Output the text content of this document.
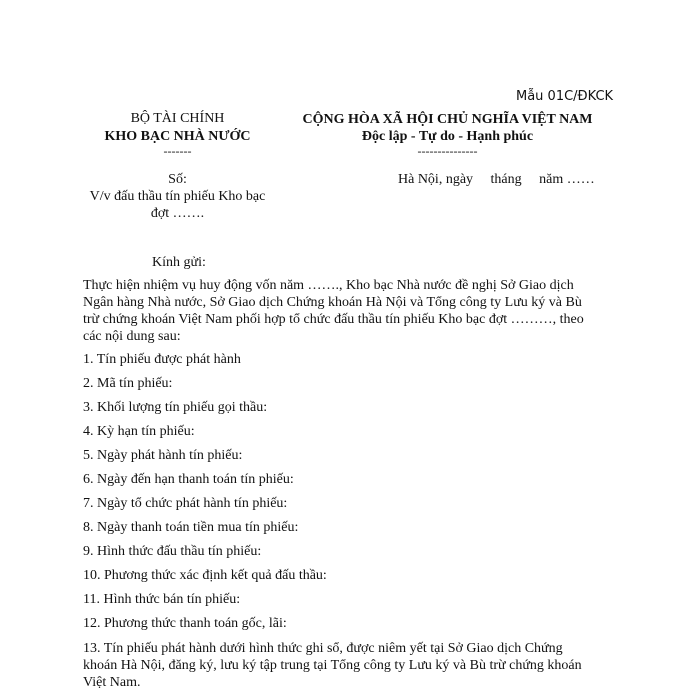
Mẫu 01C/ĐKCK
BỘ TÀI CHÍNH
KHO BẠC NHÀ NƯỚC
-------
Số:
V/v đấu thầu tín phiếu Kho bạc
đợt …….
CỘNG HÒA XÃ HỘI CHỦ NGHĨA VIỆT NAM
Độc lập - Tự do - Hạnh phúc
---------------
Hà Nội, ngày     tháng     năm ……
Kính gửi:
Thực hiện nhiệm vụ huy động vốn năm ……., Kho bạc Nhà nước đề nghị Sở Giao dịch
Ngân hàng Nhà nước, Sở Giao dịch Chứng khoán Hà Nội và Tổng công ty Lưu ký và Bù
trừ chứng khoán Việt Nam phối hợp tổ chức đấu thầu tín phiếu Kho bạc đợt ………, theo
các nội dung sau:
1. Tín phiếu được phát hành
2. Mã tín phiếu:
3. Khối lượng tín phiếu gọi thầu:
4. Kỳ hạn tín phiếu:
5. Ngày phát hành tín phiếu:
6. Ngày đến hạn thanh toán tín phiếu:
7. Ngày tổ chức phát hành tín phiếu:
8. Ngày thanh toán tiền mua tín phiếu:
9. Hình thức đấu thầu tín phiếu:
10. Phương thức xác định kết quả đấu thầu:
11. Hình thức bán tín phiếu:
12. Phương thức thanh toán gốc, lãi:
13. Tín phiếu phát hành dưới hình thức ghi sổ, được niêm yết tại Sở Giao dịch Chứng
khoán Hà Nội, đăng ký, lưu ký tập trung tại Tổng công ty Lưu ký và Bù trừ chứng khoán
Việt Nam.
